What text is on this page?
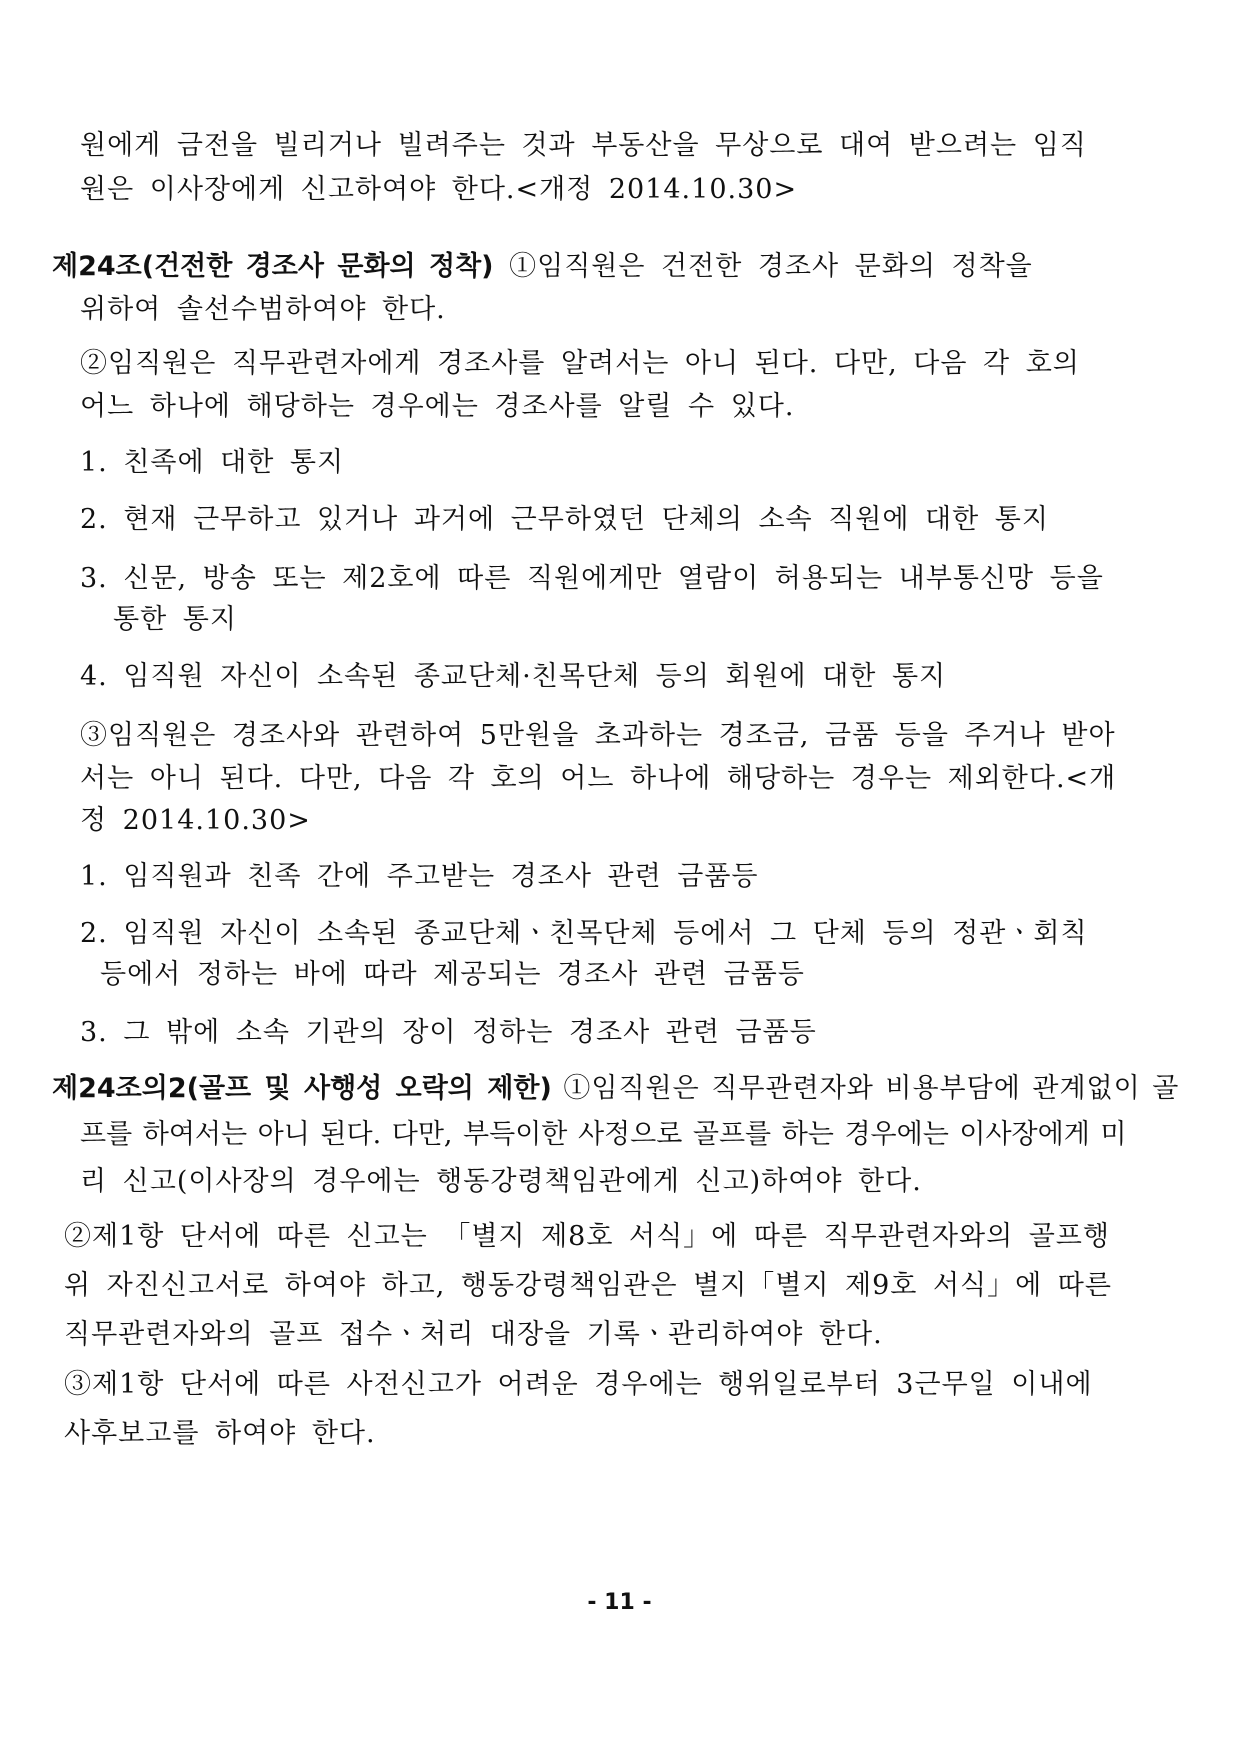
원에게 금전을 빌리거나 빌려주는 것과 부동산을 무상으로 대여 받으려는 임직
원은 이사장에게 신고하여야 한다.<개정 2014.10.30>
제24조(건전한 경조사 문화의 정착) ①임직원은 건전한 경조사 문화의 정착을
위하여 솔선수범하여야 한다.
②임직원은 직무관련자에게 경조사를 알려서는 아니 된다. 다만, 다음 각 호의
어느 하나에 해당하는 경우에는 경조사를 알릴 수 있다.
1. 친족에 대한 통지
2. 현재 근무하고 있거나 과거에 근무하였던 단체의 소속 직원에 대한 통지
3. 신문, 방송 또는 제2호에 따른 직원에게만 열람이 허용되는 내부통신망 등을
통한 통지
4. 임직원 자신이 소속된 종교단체·친목단체 등의 회원에 대한 통지
③임직원은 경조사와 관련하여 5만원을 초과하는 경조금, 금품 등을 주거나 받아
서는 아니 된다. 다만, 다음 각 호의 어느 하나에 해당하는 경우는 제외한다.<개
정 2014.10.30>
1. 임직원과 친족 간에 주고받는 경조사 관련 금품등
2. 임직원 자신이 소속된 종교단체ㆍ친목단체 등에서 그 단체 등의 정관ㆍ회칙
등에서 정하는 바에 따라 제공되는 경조사 관련 금품등
3. 그 밖에 소속 기관의 장이 정하는 경조사 관련 금품등
제24조의2(골프 및 사행성 오락의 제한) ①임직원은 직무관련자와 비용부담에 관계없이 골
프를 하여서는 아니 된다. 다만, 부득이한 사정으로 골프를 하는 경우에는 이사장에게 미
리 신고(이사장의 경우에는 행동강령책임관에게 신고)하여야 한다.
②제1항 단서에 따른 신고는 「별지 제8호 서식」에 따른 직무관련자와의 골프행
위 자진신고서로 하여야 하고, 행동강령책임관은 별지「별지 제9호 서식」에 따른
직무관련자와의 골프 접수ㆍ처리 대장을 기록ㆍ관리하여야 한다.
③제1항 단서에 따른 사전신고가 어려운 경우에는 행위일로부터 3근무일 이내에
사후보고를 하여야 한다.
- 11 -
